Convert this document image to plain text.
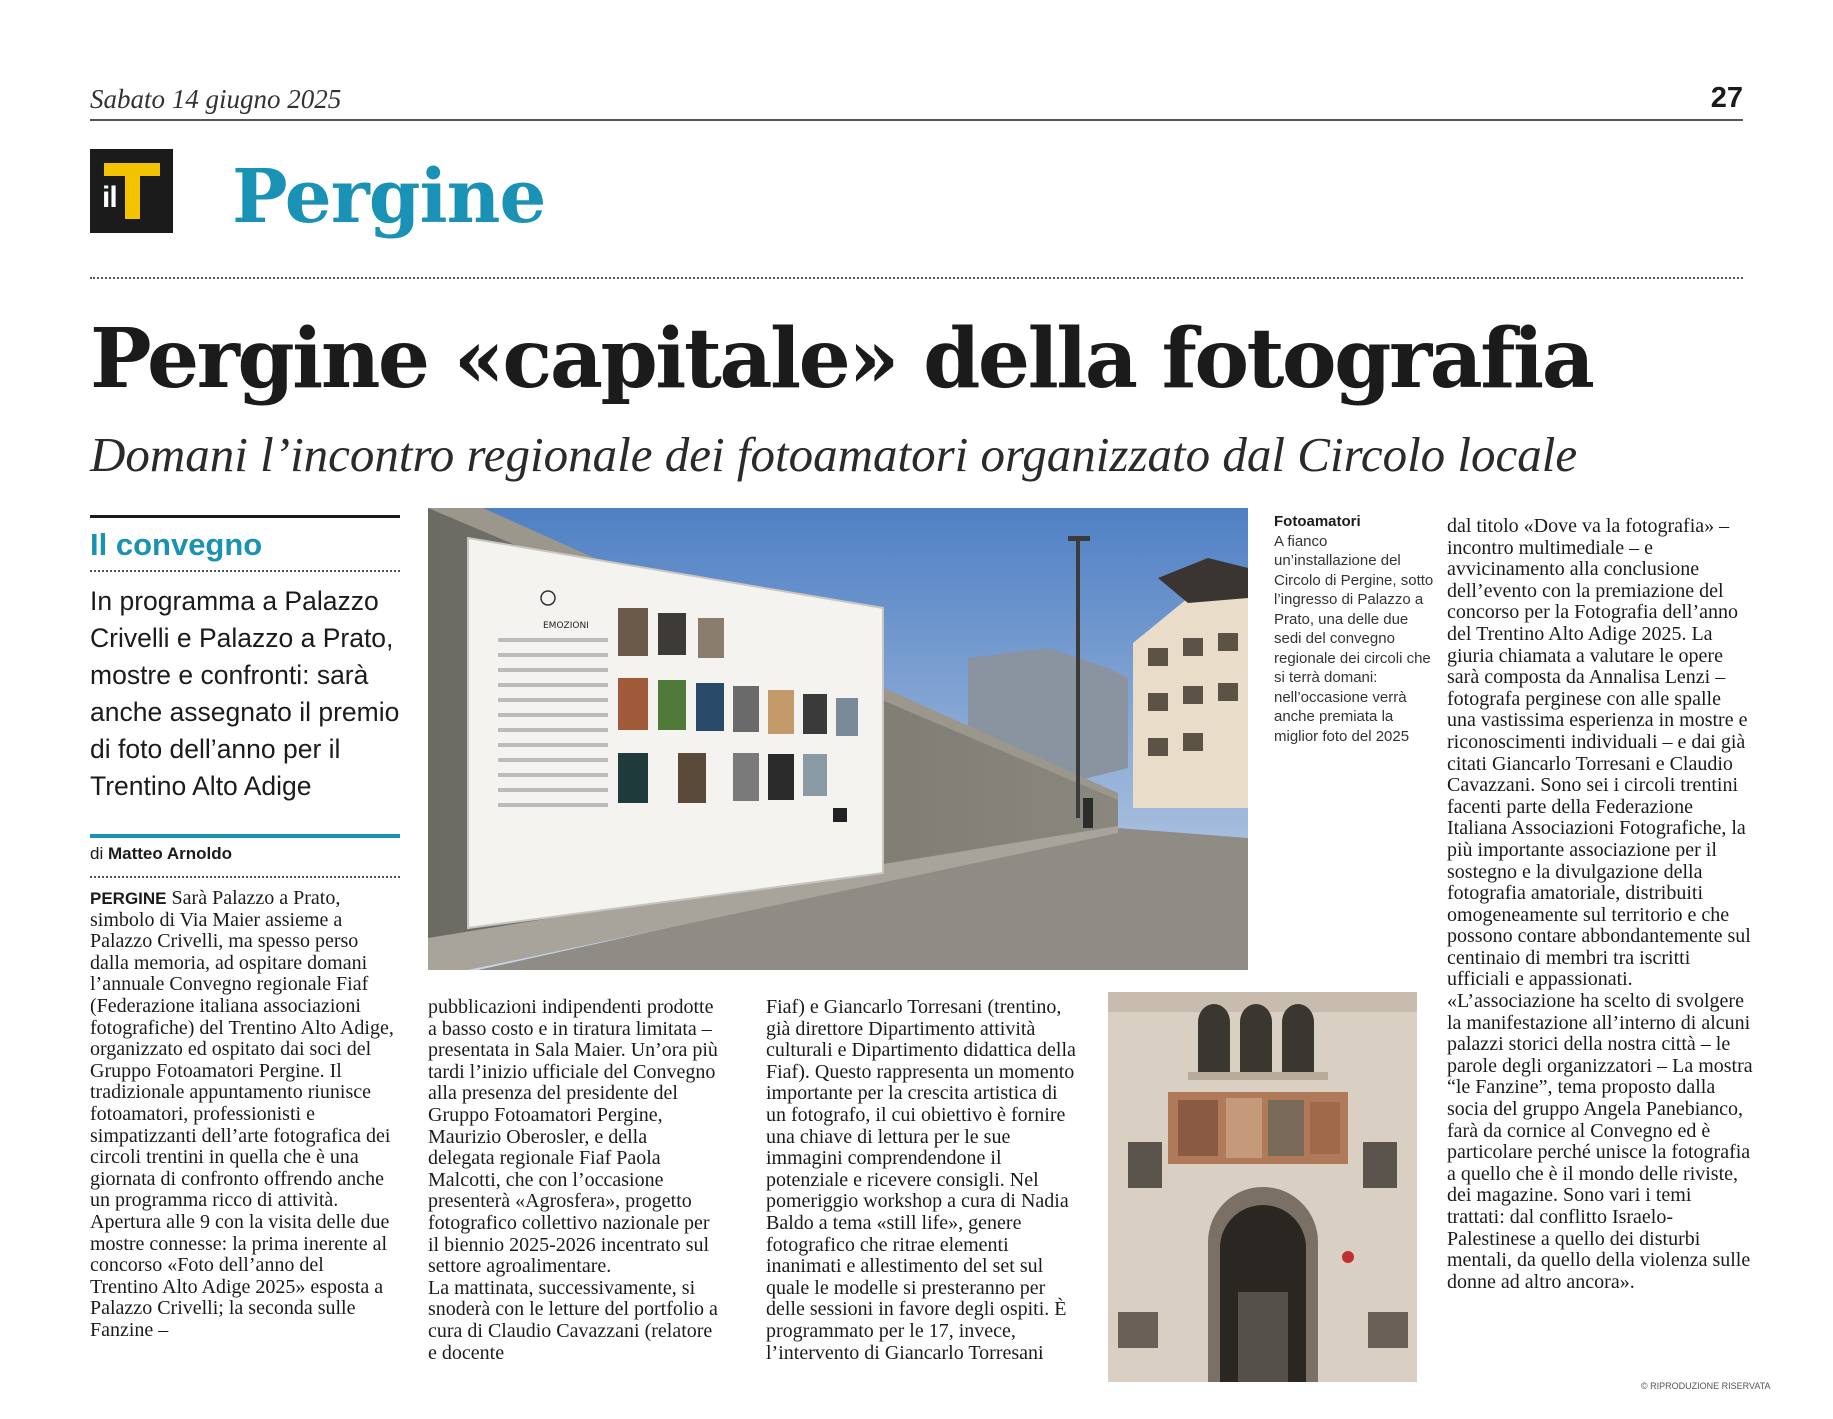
Sabato 14 giugno 2025	27
il Pergine
Pergine «capitale» della fotografia
Domani l’incontro regionale dei fotoamatori organizzato dal Circolo locale
Il convegno
In programma a Palazzo Crivelli e Palazzo a Prato, mostre e confronti: sarà anche assegnato il premio di foto dell’anno per il Trentino Alto Adige
di Matteo Arnoldo

PERGINE Sarà Palazzo a Prato, simbolo di Via Maier assieme a Palazzo Crivelli, ma spesso perso dalla memoria, ad ospitare domani l’annuale Convegno regionale Fiaf (Federazione italiana associazioni fotografiche) del Trentino Alto Adige, organizzato ed ospitato dai soci del Gruppo Fotoamatori Pergine. Il tradizionale appuntamento riunisce fotoamatori, professionisti e simpatizzanti dell’arte fotografica dei circoli trentini in quella che è una giornata di confronto offrendo anche un programma ricco di attività.

Apertura alle 9 con la visita delle due mostre connesse: la prima inerente al concorso «Foto dell’anno del Trentino Alto Adige 2025» esposta a Palazzo Crivelli; la seconda sulle Fanzine –

pubblicazioni indipendenti prodotte a basso costo e in tiratura limitata – presentata in Sala Maier. Un’ora più tardi l’inizio ufficiale del Convegno alla presenza del presidente del Gruppo Fotoamatori Pergine, Maurizio Oberosler, e della delegata regionale Fiaf Paola Malcotti, che con l’occasione presenterà «Agrosfera», progetto fotografico collettivo nazionale per il biennio 2025-2026 incentrato sul settore agroalimentare.

La mattinata, successivamente, si snoderà con le letture del portfolio a cura di Claudio Cavazzani (relatore e docente

Fiaf) e Giancarlo Torresani (trentino, già direttore Dipartimento attività culturali e Dipartimento didattica della Fiaf). Questo rappresenta un momento importante per la crescita artistica di un fotografo, il cui obiettivo è fornire una chiave di lettura per le sue immagini comprendendone il potenziale e ricevere consigli. Nel pomeriggio workshop a cura di Nadia Baldo a tema «still life», genere fotografico che ritrae elementi inanimati e allestimento del set sul quale le modelle si presteranno per delle sessioni in favore degli ospiti. È programmato per le 17, invece, l’intervento di Giancarlo Torresani

dal titolo «Dove va la fotografia» – incontro multimediale – e avvicinamento alla conclusione dell’evento con la premiazione del concorso per la Fotografia dell’anno del Trentino Alto Adige 2025. La giuria chiamata a valutare le opere sarà composta da Annalisa Lenzi – fotografa perginese con alle spalle una vastissima esperienza in mostre e riconoscimenti individuali – e dai già citati Giancarlo Torresani e Claudio Cavazzani. Sono sei i circoli trentini facenti parte della Federazione Italiana Associazioni Fotografiche, la più importante associazione per il sostegno e la divulgazione della fotografia amatoriale, distribuiti omogeneamente sul territorio e che possono contare abbondantemente sul centinaio di membri tra iscritti ufficiali e appassionati. «L’associazione ha scelto di svolgere la manifestazione all’interno di alcuni palazzi storici della nostra città – le parole degli organizzatori – La mostra “le Fanzine”, tema proposto dalla socia del gruppo Angela Panebianco, farà da cornice al Convegno ed è particolare perché unisce la fotografia a quello che è il mondo delle riviste, dei magazine. Sono vari i temi trattati: dal conflitto Israelo-Palestinese a quello dei disturbi mentali, da quello della violenza sulle donne ad altro ancora».

EMOZIONI
Fotoamatori
A fianco un’installazione del Circolo di Pergine, sotto l’ingresso di Palazzo a Prato, una delle due sedi del convegno regionale dei circoli che si terrà domani: nell’occasione verrà anche premiata la miglior foto del 2025
© RIPRODUZIONE RISERVATA
